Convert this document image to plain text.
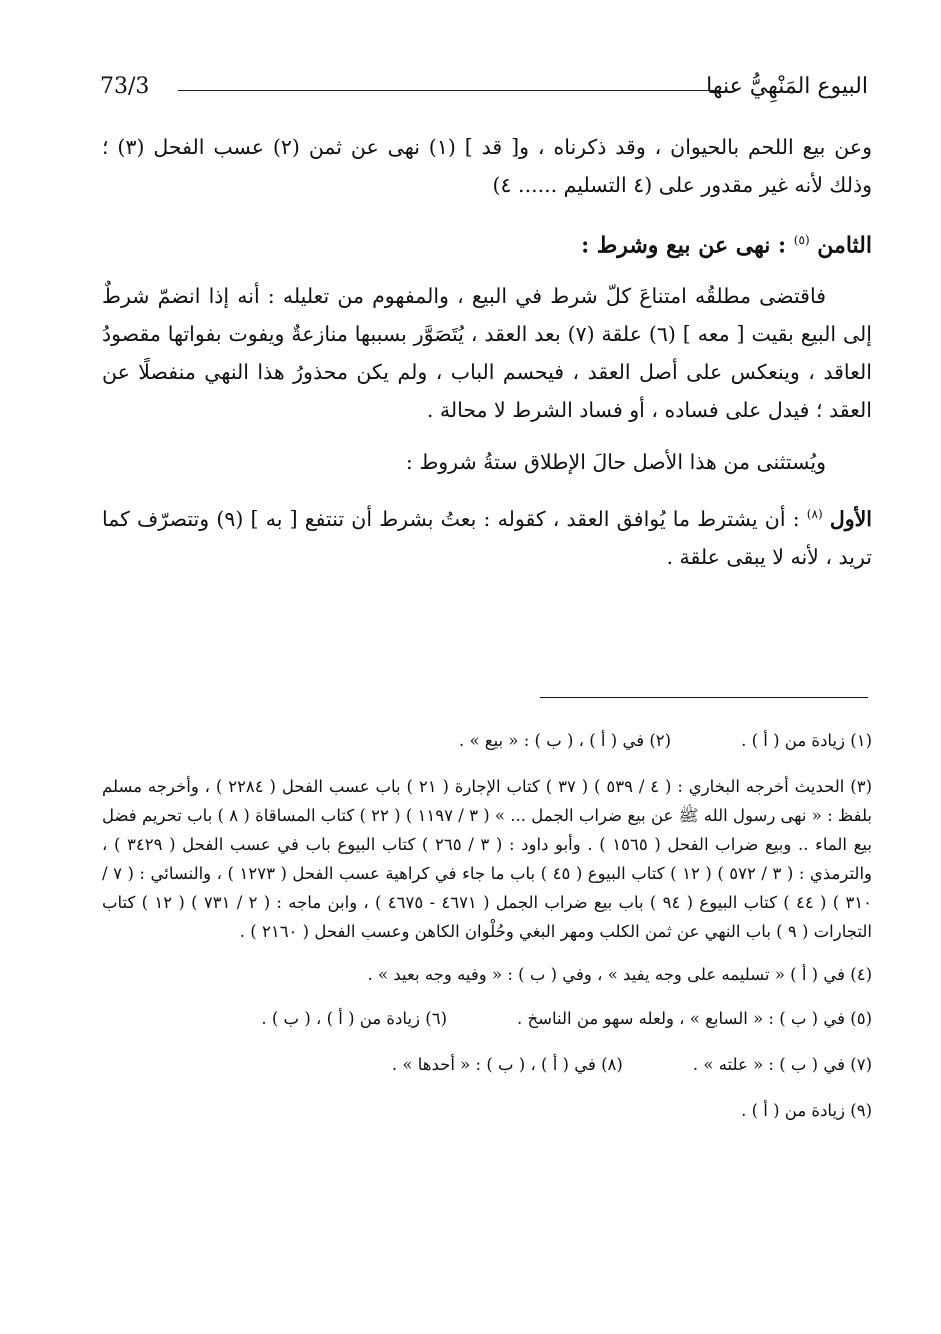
73/3	البيوع المَنْهِيُّ عنها

وعن بيع اللحم بالحيوان ، وقد ذكرناه ، و[ قد ] (١) نهى عن ثمن (٢) عسب الفحل (٣) ؛ وذلك لأنه غير مقدور على (٤ التسليم ...... ٤)

الثامن $^{(٥)}$ : نهى عن بيع وشرط :

فاقتضى مطلقُه امتناعَ كلّ شرط في البيع ، والمفهوم من تعليله : أنه إذا انضمّ شرطٌ إلى البيع بقيت [ معه ] (٦) علقة (٧) بعد العقد ، يُتَصَوَّر بسببها منازعةٌ ويفوت بفواتها مقصودُ العاقد ، وينعكس على أصل العقد ، فيحسم الباب ، ولم يكن محذورُ هذا النهي منفصلًا عن العقد ؛ فيدل على فساده ، أو فساد الشرط لا محالة .

ويُستثنى من هذا الأصل حالَ الإطلاق ستةُ شروط :

الأول $^{(٨)}$ : أن يشترط ما يُوافق العقد ، كقوله : بعتُ بشرط أن تنتفع [ به ] (٩) وتتصرّف كما تريد ، لأنه لا يبقى علقة .

(١) زيادة من ( أ ) .
(٢) في ( أ ) ، ( ب ) : « بيع » .
(٣) الحديث أخرجه البخاري : ( ٤ / ٥٣٩ ) ( ٣٧ ) كتاب الإجارة ( ٢١ ) باب عسب الفحل ( ٢٢٨٤ ) ، وأخرجه مسلم بلفظ : « نهى رسول الله ﷺ عن بيع ضراب الجمل ... » ( ٣ / ١١٩٧ ) ( ٢٢ ) كتاب المساقاة ( ٨ ) باب تحريم فضل بيع الماء .. وبيع ضراب الفحل ( ١٥٦٥ ) . وأبو داود : ( ٣ / ٢٦٥ ) كتاب البيوع باب في عسب الفحل ( ٣٤٢٩ ) ، والترمذي : ( ٣ / ٥٧٢ ) ( ١٢ ) كتاب البيوع ( ٤٥ ) باب ما جاء في كراهية عسب الفحل ( ١٢٧٣ ) ، والنسائي : ( ٧ / ٣١٠ ) ( ٤٤ ) كتاب البيوع ( ٩٤ ) باب بيع ضراب الجمل ( ٤٦٧١ - ٤٦٧٥ ) ، وابن ماجه : ( ٢ / ٧٣١ ) ( ١٢ ) كتاب التجارات ( ٩ ) باب النهي عن ثمن الكلب ومهر البغي وحُلْوان الكاهن وعسب الفحل ( ٢١٦٠ ) .
(٤) في ( أ ) « تسليمه على وجه يفيد » ، وفي ( ب ) : « وفيه وجه بعيد » .
(٥) في ( ب ) : « السابع » ، ولعله سهو من الناسخ .
(٦) زيادة من ( أ ) ، ( ب ) .
(٧) في ( ب ) : « علته » .
(٨) في ( أ ) ، ( ب ) : « أحدها » .
(٩) زيادة من ( أ ) .
